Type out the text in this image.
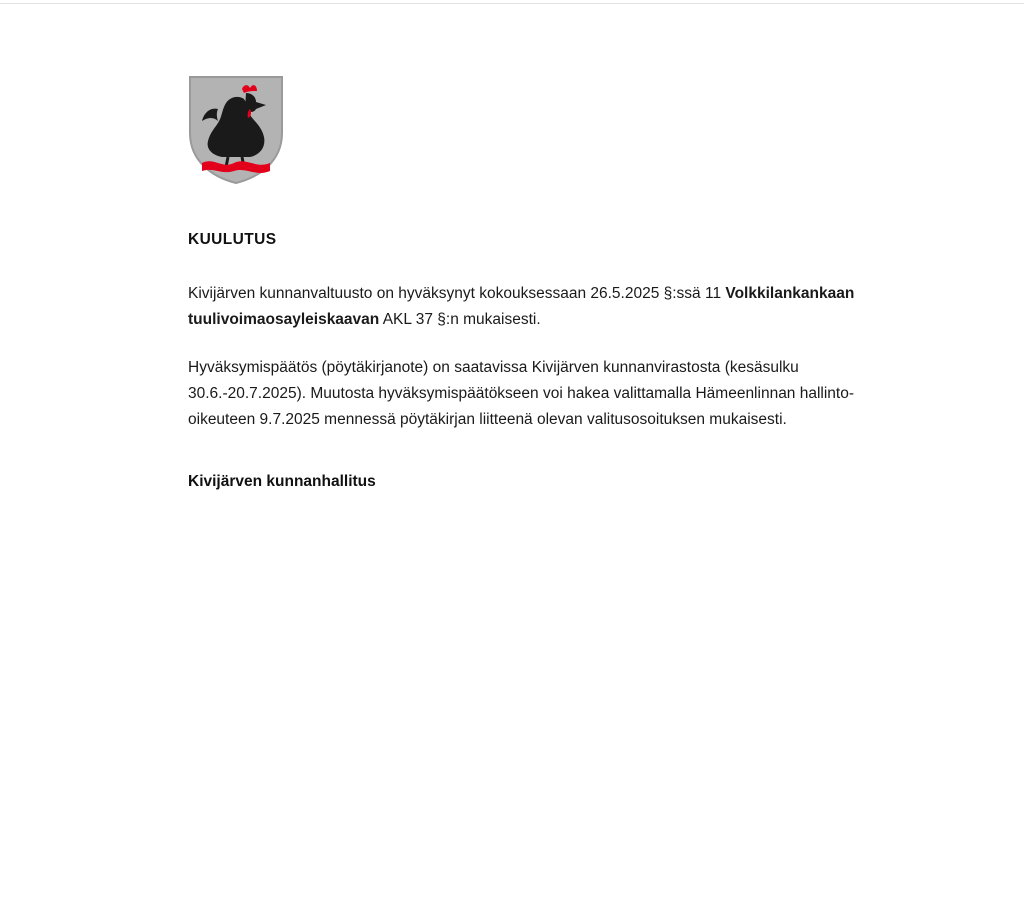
KUULUTUS

Kivijärven kunnanvaltuusto on hyväksynyt kokouksessaan 26.5.2025 §:ssä 11 Volkkilankankaan tuulivoimaosayleiskaavan AKL 37 §:n mukaisesti.

Hyväksymispäätös (pöytäkirjanote) on saatavissa Kivijärven kunnanvirastosta (kesäsulku 30.6.-20.7.2025). Muutosta hyväksymispäätökseen voi hakea valittamalla Hämeenlinnan hallinto-oikeuteen 9.7.2025 mennessä pöytäkirjan liitteenä olevan valitusosoituksen mukaisesti.

Kivijärven kunnanhallitus
